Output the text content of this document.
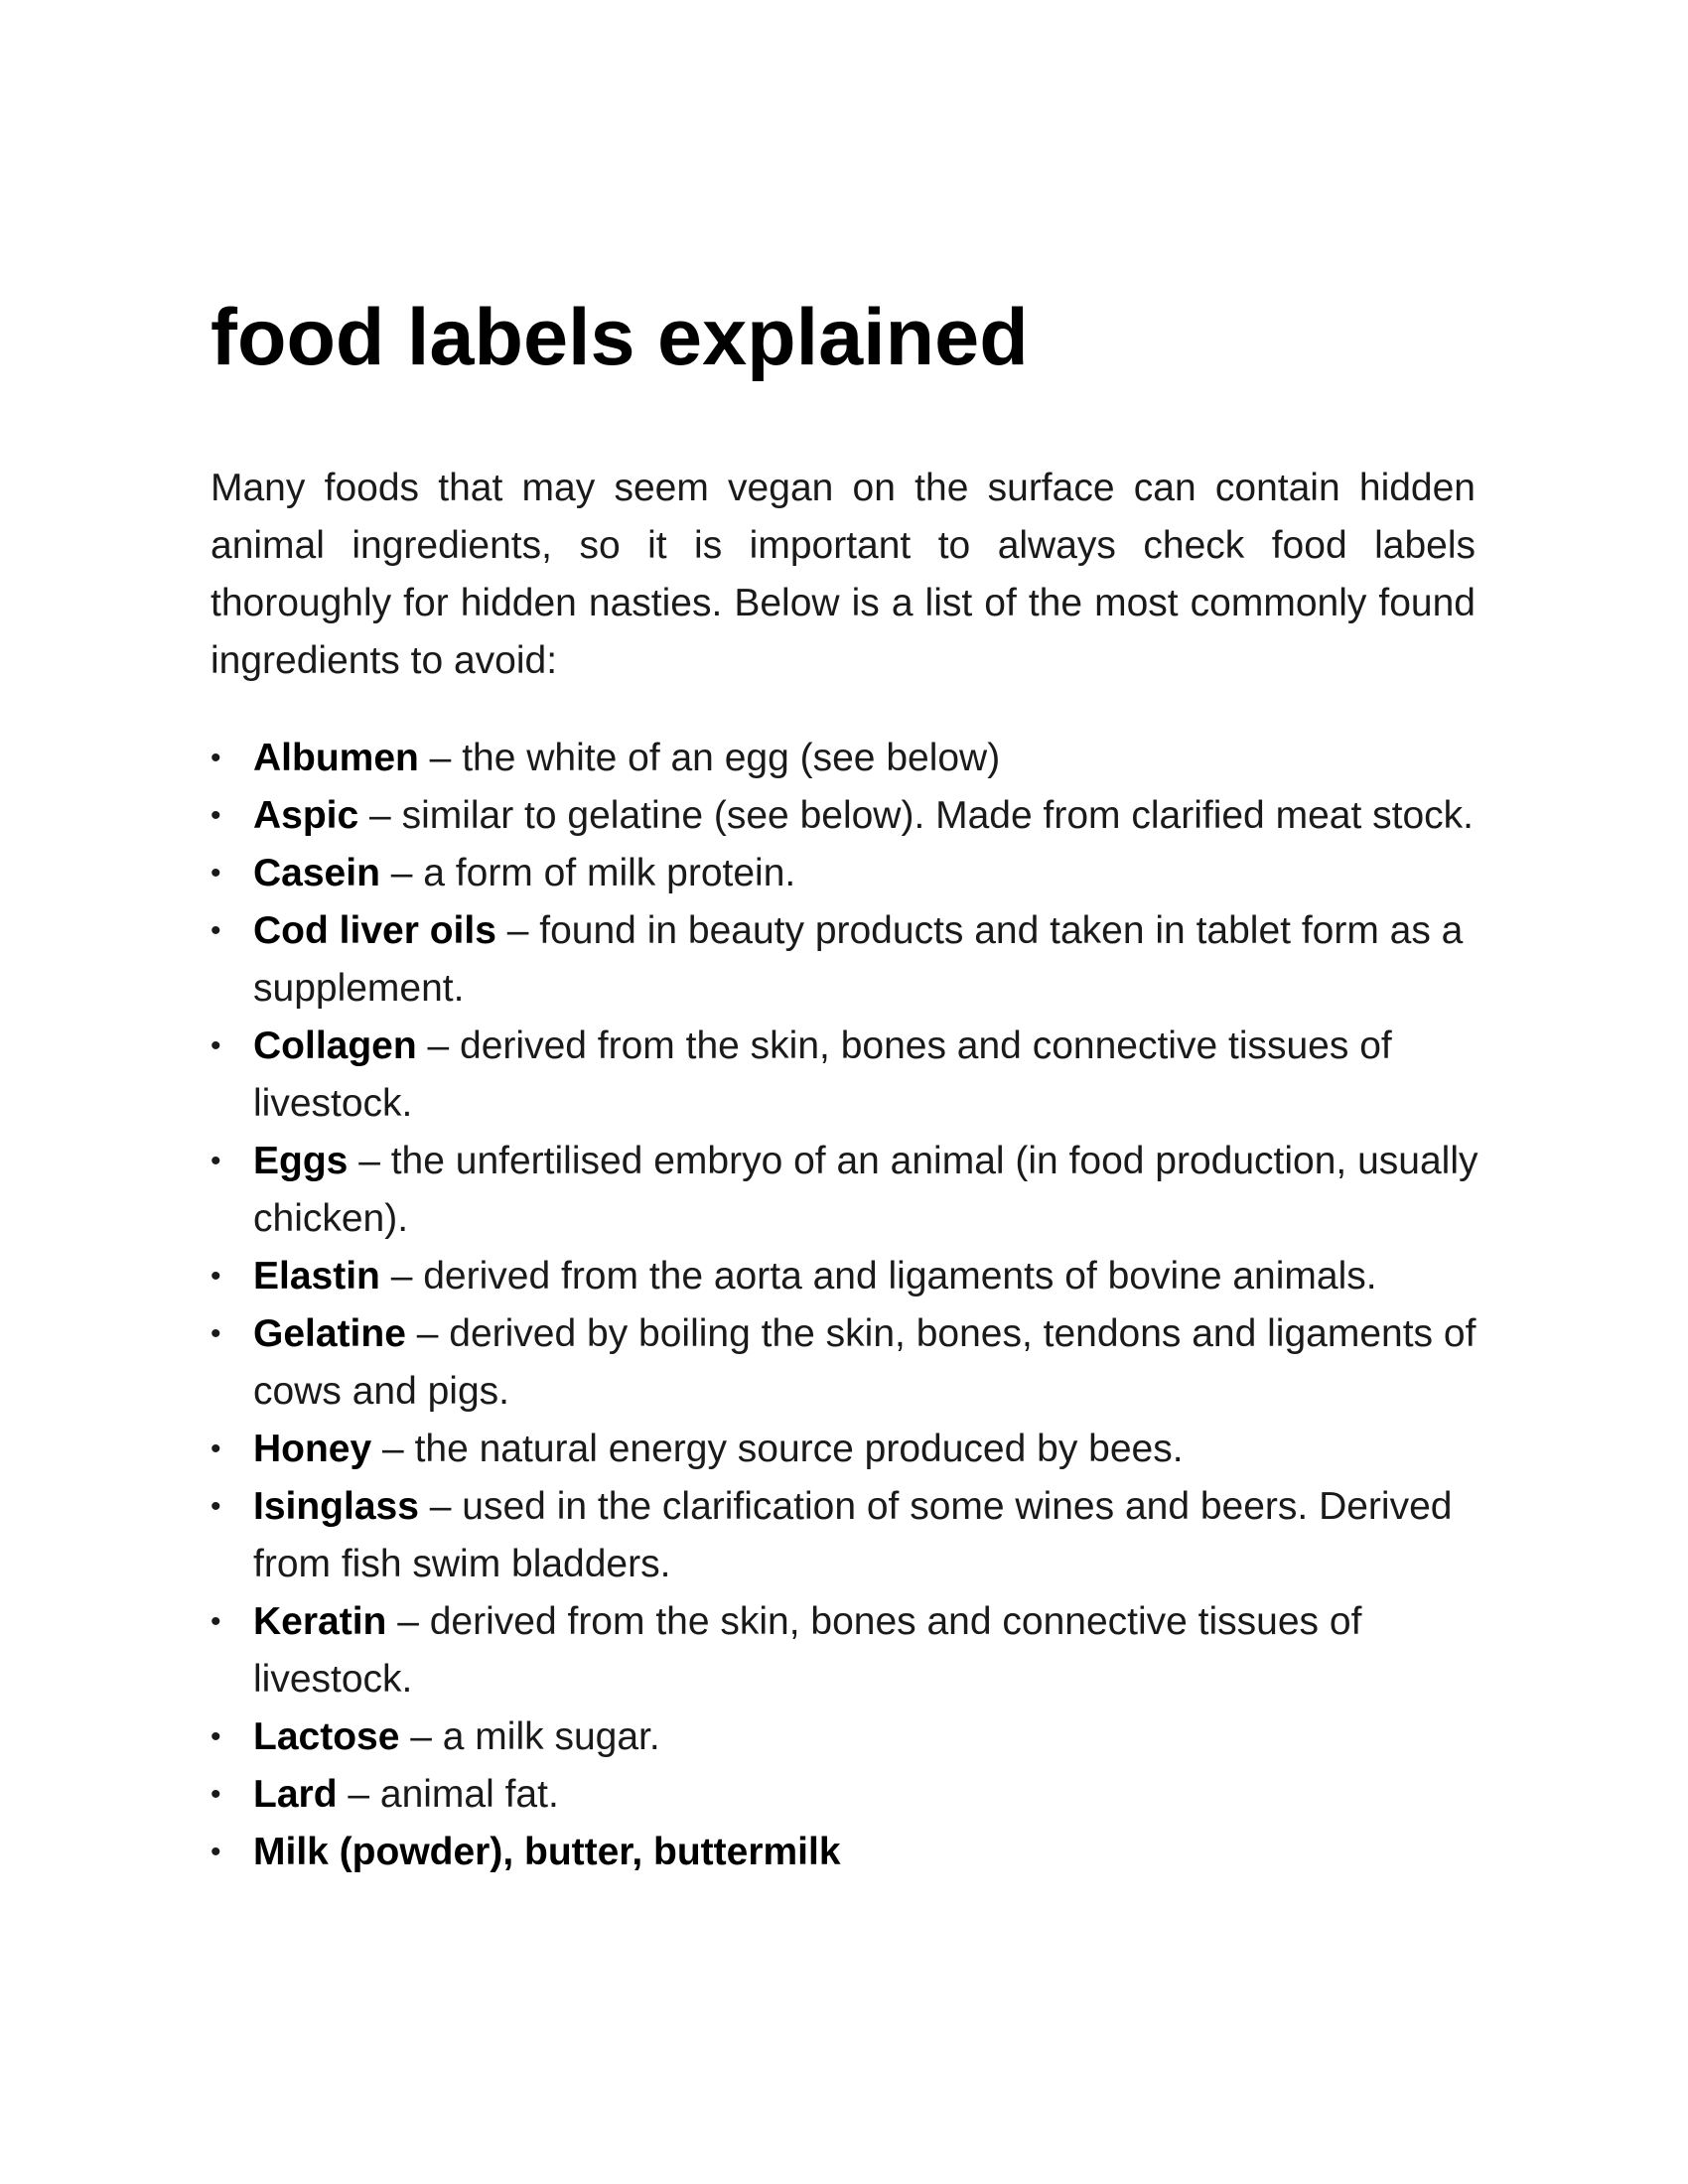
food labels explained

Many foods that may seem vegan on the surface can contain hidden animal ingredients, so it is important to always check food labels thoroughly for hidden nasties. Below is a list of the most commonly found ingredients to avoid:

• Albumen – the white of an egg (see below)
• Aspic – similar to gelatine (see below). Made from clarified meat stock.
• Casein – a form of milk protein.
• Cod liver oils – found in beauty products and taken in tablet form as a supplement.
• Collagen – derived from the skin, bones and connective tissues of livestock.
• Eggs – the unfertilised embryo of an animal (in food production, usually chicken).
• Elastin – derived from the aorta and ligaments of bovine animals.
• Gelatine – derived by boiling the skin, bones, tendons and ligaments of cows and pigs.
• Honey – the natural energy source produced by bees.
• Isinglass – used in the clarification of some wines and beers. Derived from fish swim bladders.
• Keratin – derived from the skin, bones and connective tissues of livestock.
• Lactose – a milk sugar.
• Lard – animal fat.
• Milk (powder), butter, buttermilk
